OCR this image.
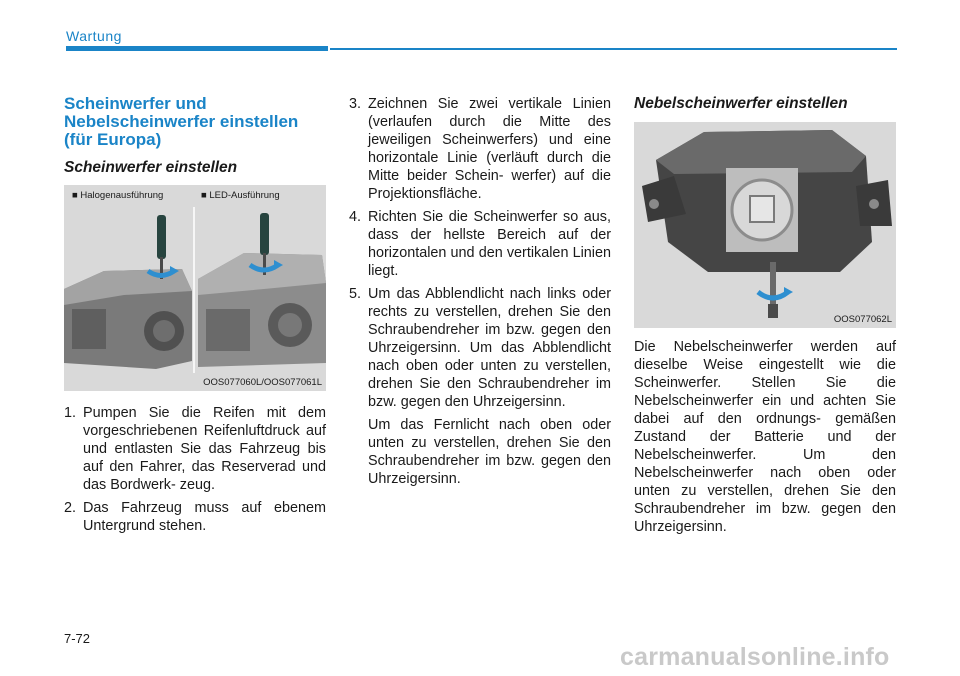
Wartung
Scheinwerfer und Nebelscheinwerfer einstellen (für Europa)
Scheinwerfer einstellen
■ Halogenausführung	■ LED-Ausführung
OOS077060L/OOS077061L
1. Pumpen Sie die Reifen mit dem vorgeschriebenen Reifenluftdruck auf und entlasten Sie das Fahrzeug bis auf den Fahrer, das Reserverad und das Bordwerk- zeug.

2. Das Fahrzeug muss auf ebenem Untergrund stehen.

3. Zeichnen Sie zwei vertikale Linien (verlaufen durch die Mitte des jeweiligen Scheinwerfers) und eine horizontale Linie (verläuft durch die Mitte beider Schein- werfer) auf die Projektionsfläche.

4. Richten Sie die Scheinwerfer so aus, dass der hellste Bereich auf der horizontalen und den vertikalen Linien liegt.

5. Um das Abblendlicht nach links oder rechts zu verstellen, drehen Sie den Schraubendreher im bzw. gegen den Uhrzeigersinn. Um das Abblendlicht nach oben oder unten zu verstellen, drehen Sie den Schraubendreher im bzw. gegen den Uhrzeigersinn.

Um das Fernlicht nach oben oder unten zu verstellen, drehen Sie den Schraubendreher im bzw. gegen den Uhrzeigersinn.

Nebelscheinwerfer einstellen
OOS077062L

Die Nebelscheinwerfer werden auf dieselbe Weise eingestellt wie die Scheinwerfer. Stellen Sie die Nebelscheinwerfer ein und achten Sie dabei auf den ordnungs- gemäßen Zustand der Batterie und der Nebelscheinwerfer. Um den Nebelscheinwerfer nach oben oder unten zu verstellen, drehen Sie den Schraubendreher im bzw. gegen den Uhrzeigersinn.

7-72
carmanualsonline.info
